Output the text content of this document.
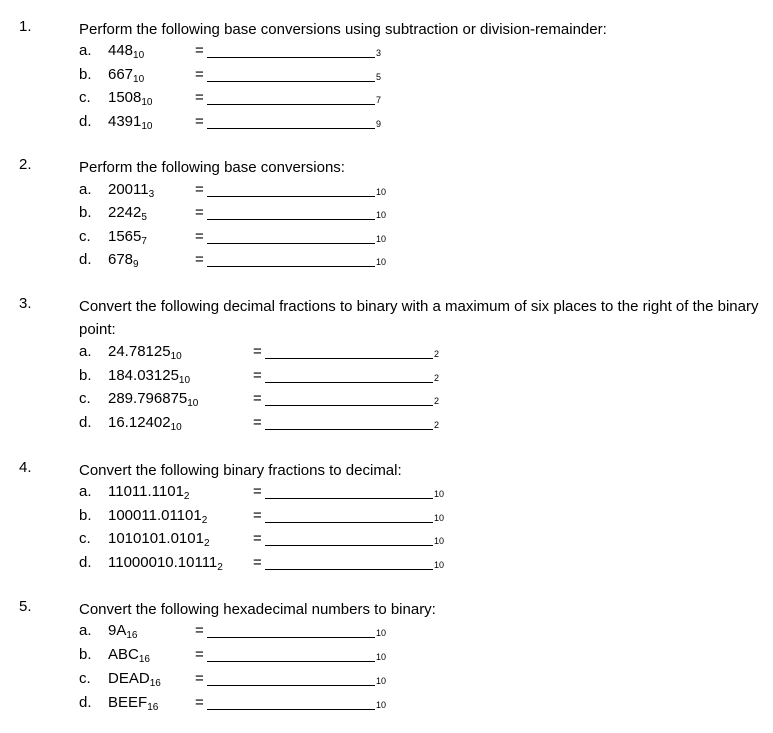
1.	Perform the following base conversions using subtraction or division-remainder:
a. $448_{10}$	=	3
b. $667_{10}$	=	5
c. $1508_{10}$	=	7
d. $4391_{10}$	=	9
2.	Perform the following base conversions:
a. $20011_3$	=	10
b. $2242_5$	=	10
c. $1565_7$	=	10
d. $678_9$	=	10
3.	Convert the following decimal fractions to binary with a maximum of six places to the right of the binary point:
a. $24.78125_{10}$	=	2
b. $184.03125_{10}$	=	2
c. $289.796875_{10}$	=	2
d. $16.12402_{10}$	=	2
4.	Convert the following binary fractions to decimal:
a. $11011.1101_2$	=	10
b. $100011.01101_2$	=	10
c. $1010101.0101_2$	=	10
d. $11000010.10111_2$ =	10
5.	Convert the following hexadecimal numbers to binary:
a. $9A_{16}$	=	10
b. $ABC_{16}$	=	10
c. $DEAD_{16}$ =	10
d. $BEEF_{16}$ =	10
